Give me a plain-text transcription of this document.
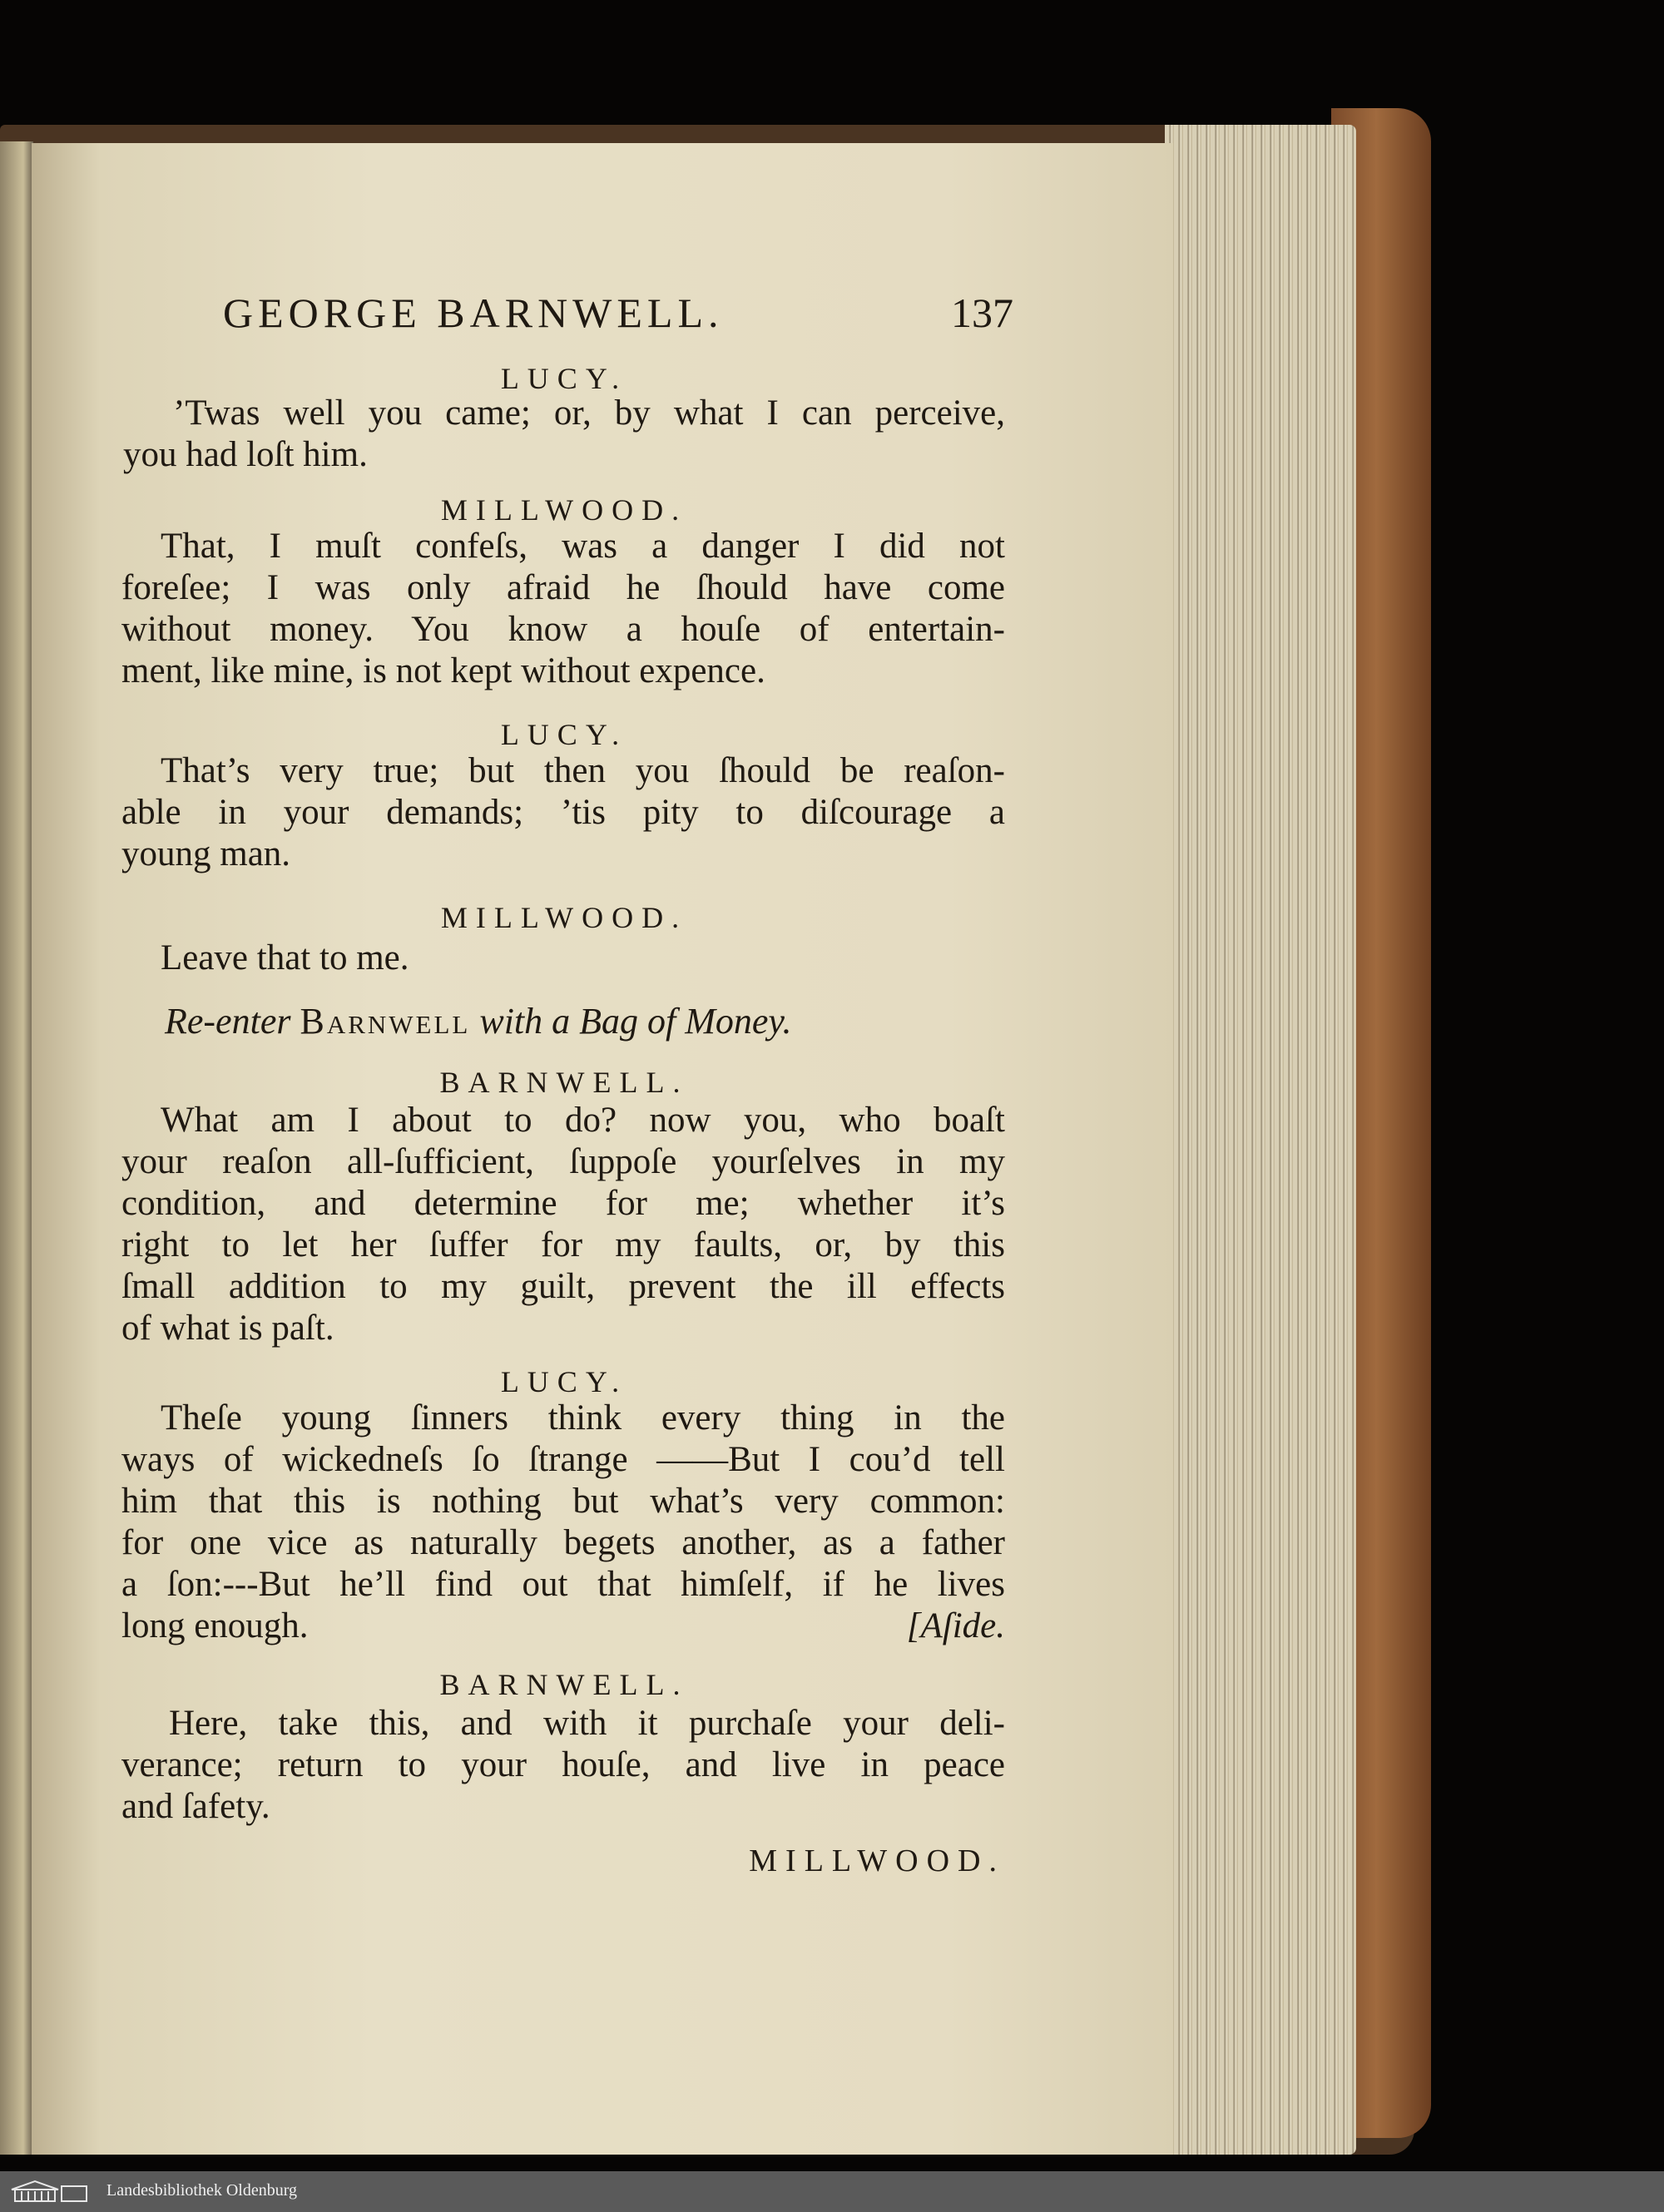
GEORGE BARNWELL.	137
LUCY.
’Twas well you came; or, by what I can perceive,
you had loſt him.
MILLWOOD.
That, I muſt confeſs, was a danger I did not
foreſee; I was only afraid he ſhould have come
without money. You know a houſe of entertain-
ment, like mine, is not kept without expence.
LUCY.
That’s very true; but then you ſhould be reaſon-
able in your demands; ’tis pity to diſcourage a
young man.
MILLWOOD.
Leave that to me.
Re-enter Barnwell with a Bag of Money.
BARNWELL.
What am I about to do? now you, who boaſt
your reaſon all-ſufficient, ſuppoſe yourſelves in my
condition, and determine for me; whether it’s
right to let her ſuffer for my faults, or, by this
ſmall addition to my guilt, prevent the ill effects
of what is paſt.
LUCY.
Theſe young ſinners think every thing in the
ways of wickedneſs ſo ſtrange ——But I cou’d tell
him that this is nothing but what’s very common:
for one vice as naturally begets another, as a father
a ſon:---But he’ll find out that himſelf, if he lives
long enough.	[Aſide.
BARNWELL.
Here, take this, and with it purchaſe your deli-
verance; return to your houſe, and live in peace
and ſafety.
MILLWOOD.
Landesbibliothek Oldenburg
